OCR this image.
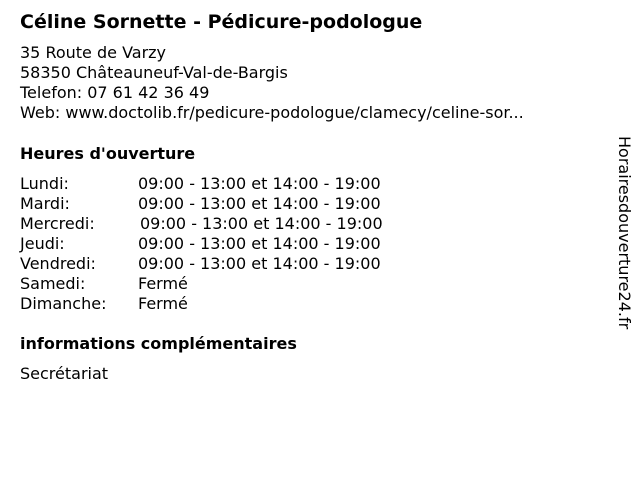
Céline Sornette - Pédicure-podologue
35 Route de Varzy
58350 Châteauneuf-Val-de-Bargis
Telefon: 07 61 42 36 49
Web: www.doctolib.fr/pedicure-podologue/clamecy/celine-sor...
Heures d'ouverture
Lundi:	09:00 - 13:00 et 14:00 - 19:00
Mardi:	09:00 - 13:00 et 14:00 - 19:00
Mercredi:	09:00 - 13:00 et 14:00 - 19:00
Jeudi:	09:00 - 13:00 et 14:00 - 19:00
Vendredi:	09:00 - 13:00 et 14:00 - 19:00
Samedi:	Fermé
Dimanche: Fermé
informations complémentaires
Secrétariat
Horairesdouverture24.fr
